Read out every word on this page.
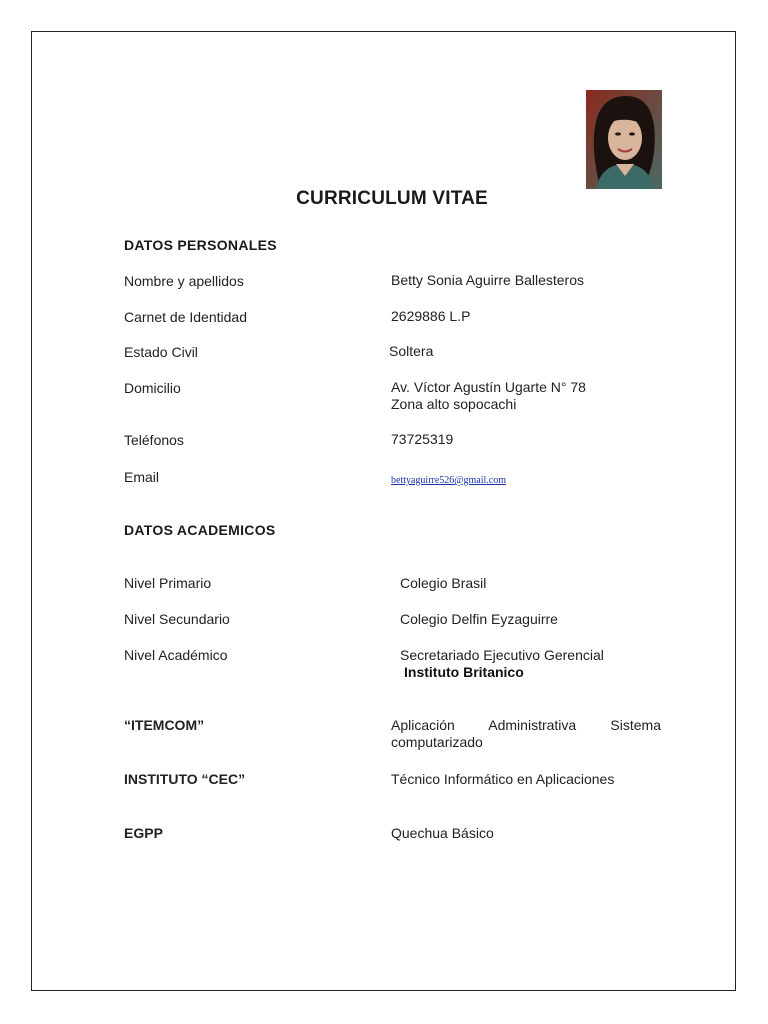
CURRICULUM VITAE
DATOS PERSONALES
Nombre y apellidos	Betty Sonia Aguirre Ballesteros
Carnet de Identidad	2629886 L.P
Estado Civil	Soltera
Domicilio	Av. Víctor Agustín Ugarte N° 78
Zona alto sopocachi
Teléfonos	73725319
Email	bettyaguirre526@gmail.com
DATOS ACADEMICOS
Nivel Primario	Colegio Brasil
Nivel Secundario	Colegio Delfin Eyzaguirre
Nivel Académico	Secretariado Ejecutivo Gerencial
Instituto Britanico
“ITEMCOM”	Aplicación Administrativa Sistema computarizado
INSTITUTO “CEC”	Técnico Informático en Aplicaciones
EGPP	Quechua Básico
